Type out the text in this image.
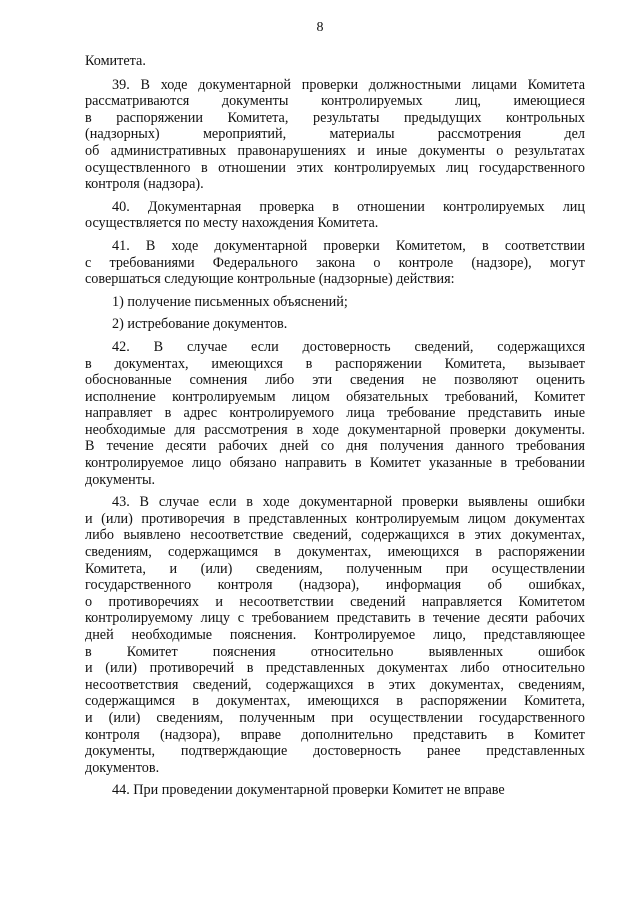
8
Комитета.
39. В ходе документарной проверки должностными лицами Комитета
рассматриваются документы контролируемых лиц, имеющиеся
в распоряжении Комитета, результаты предыдущих контрольных
(надзорных) мероприятий, материалы рассмотрения дел
об административных правонарушениях и иные документы о результатах
осуществленного в отношении этих контролируемых лиц государственного
контроля (надзора).
40. Документарная проверка в отношении контролируемых лиц
осуществляется по месту нахождения Комитета.
41. В ходе документарной проверки Комитетом, в соответствии
с требованиями Федерального закона о контроле (надзоре), могут
совершаться следующие контрольные (надзорные) действия:
1) получение письменных объяснений;
2) истребование документов.
42. В случае если достоверность сведений, содержащихся
в документах, имеющихся в распоряжении Комитета, вызывает
обоснованные сомнения либо эти сведения не позволяют оценить
исполнение контролируемым лицом обязательных требований, Комитет
направляет в адрес контролируемого лица требование представить иные
необходимые для рассмотрения в ходе документарной проверки документы.
В течение десяти рабочих дней со дня получения данного требования
контролируемое лицо обязано направить в Комитет указанные в требовании
документы.
43. В случае если в ходе документарной проверки выявлены ошибки
и (или) противоречия в представленных контролируемым лицом документах
либо выявлено несоответствие сведений, содержащихся в этих документах,
сведениям, содержащимся в документах, имеющихся в распоряжении
Комитета, и (или) сведениям, полученным при осуществлении
государственного контроля (надзора), информация об ошибках,
о противоречиях и несоответствии сведений направляется Комитетом
контролируемому лицу с требованием представить в течение десяти рабочих
дней необходимые пояснения. Контролируемое лицо, представляющее
в Комитет пояснения относительно выявленных ошибок
и (или) противоречий в представленных документах либо относительно
несоответствия сведений, содержащихся в этих документах, сведениям,
содержащимся в документах, имеющихся в распоряжении Комитета,
и (или) сведениям, полученным при осуществлении государственного
контроля (надзора), вправе дополнительно представить в Комитет
документы, подтверждающие достоверность ранее представленных
документов.
44. При проведении документарной проверки Комитет не вправе
